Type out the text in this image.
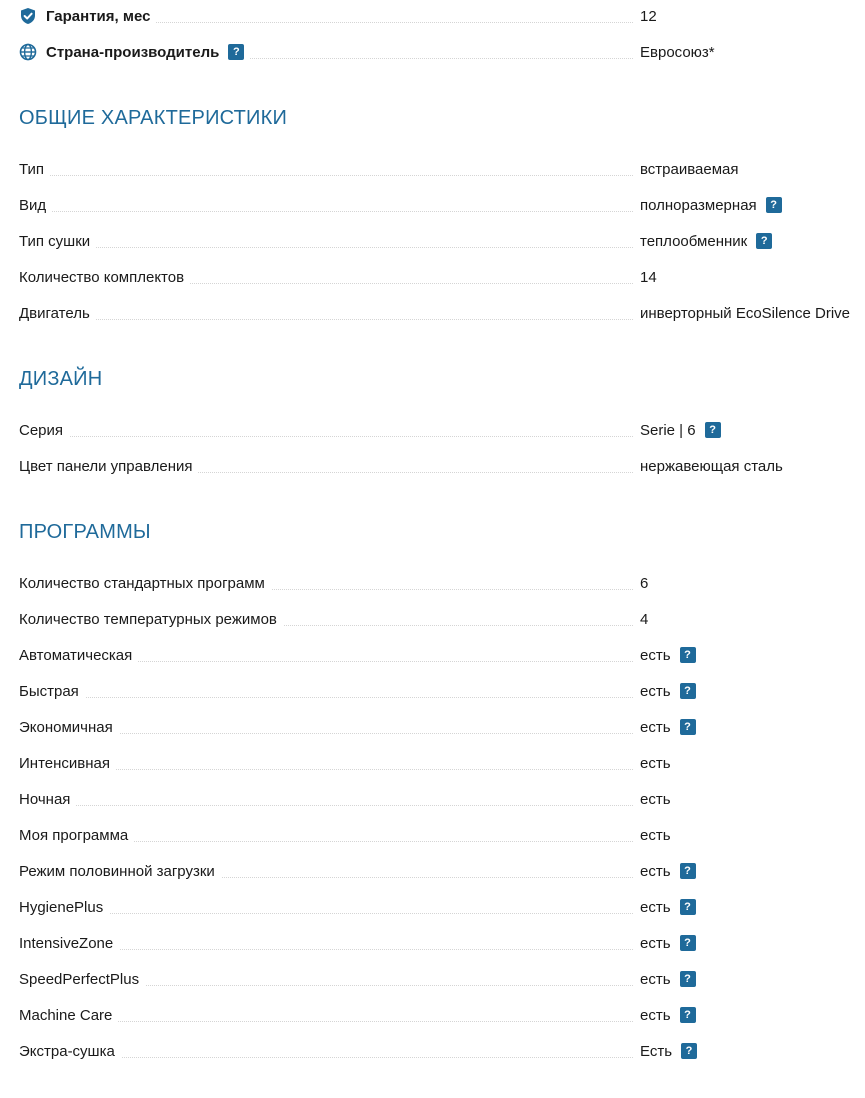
Гарантия, мес	12
Страна-производитель	?	Евросоюз*
ОБЩИЕ ХАРАКТЕРИСТИКИ
Тип	встраиваемая
Вид	полноразмерная	?
Тип сушки	теплообменник	?
Количество комплектов	14
Двигатель	инверторный EcoSilence Drive
ДИЗАЙН
Серия	Serie | 6	?
Цвет панели управления	нержавеющая сталь
ПРОГРАММЫ
Количество стандартных программ	6
Количество температурных режимов	4
Автоматическая	есть	?
Быстрая	есть	?
Экономичная	есть	?
Интенсивная	есть
Ночная	есть
Моя программа	есть
Режим половинной загрузки	есть	?
HygienePlus	есть	?
IntensiveZone	есть	?
SpeedPerfectPlus	есть	?
Machine Care	есть	?
Экстра-сушка	Есть	?
